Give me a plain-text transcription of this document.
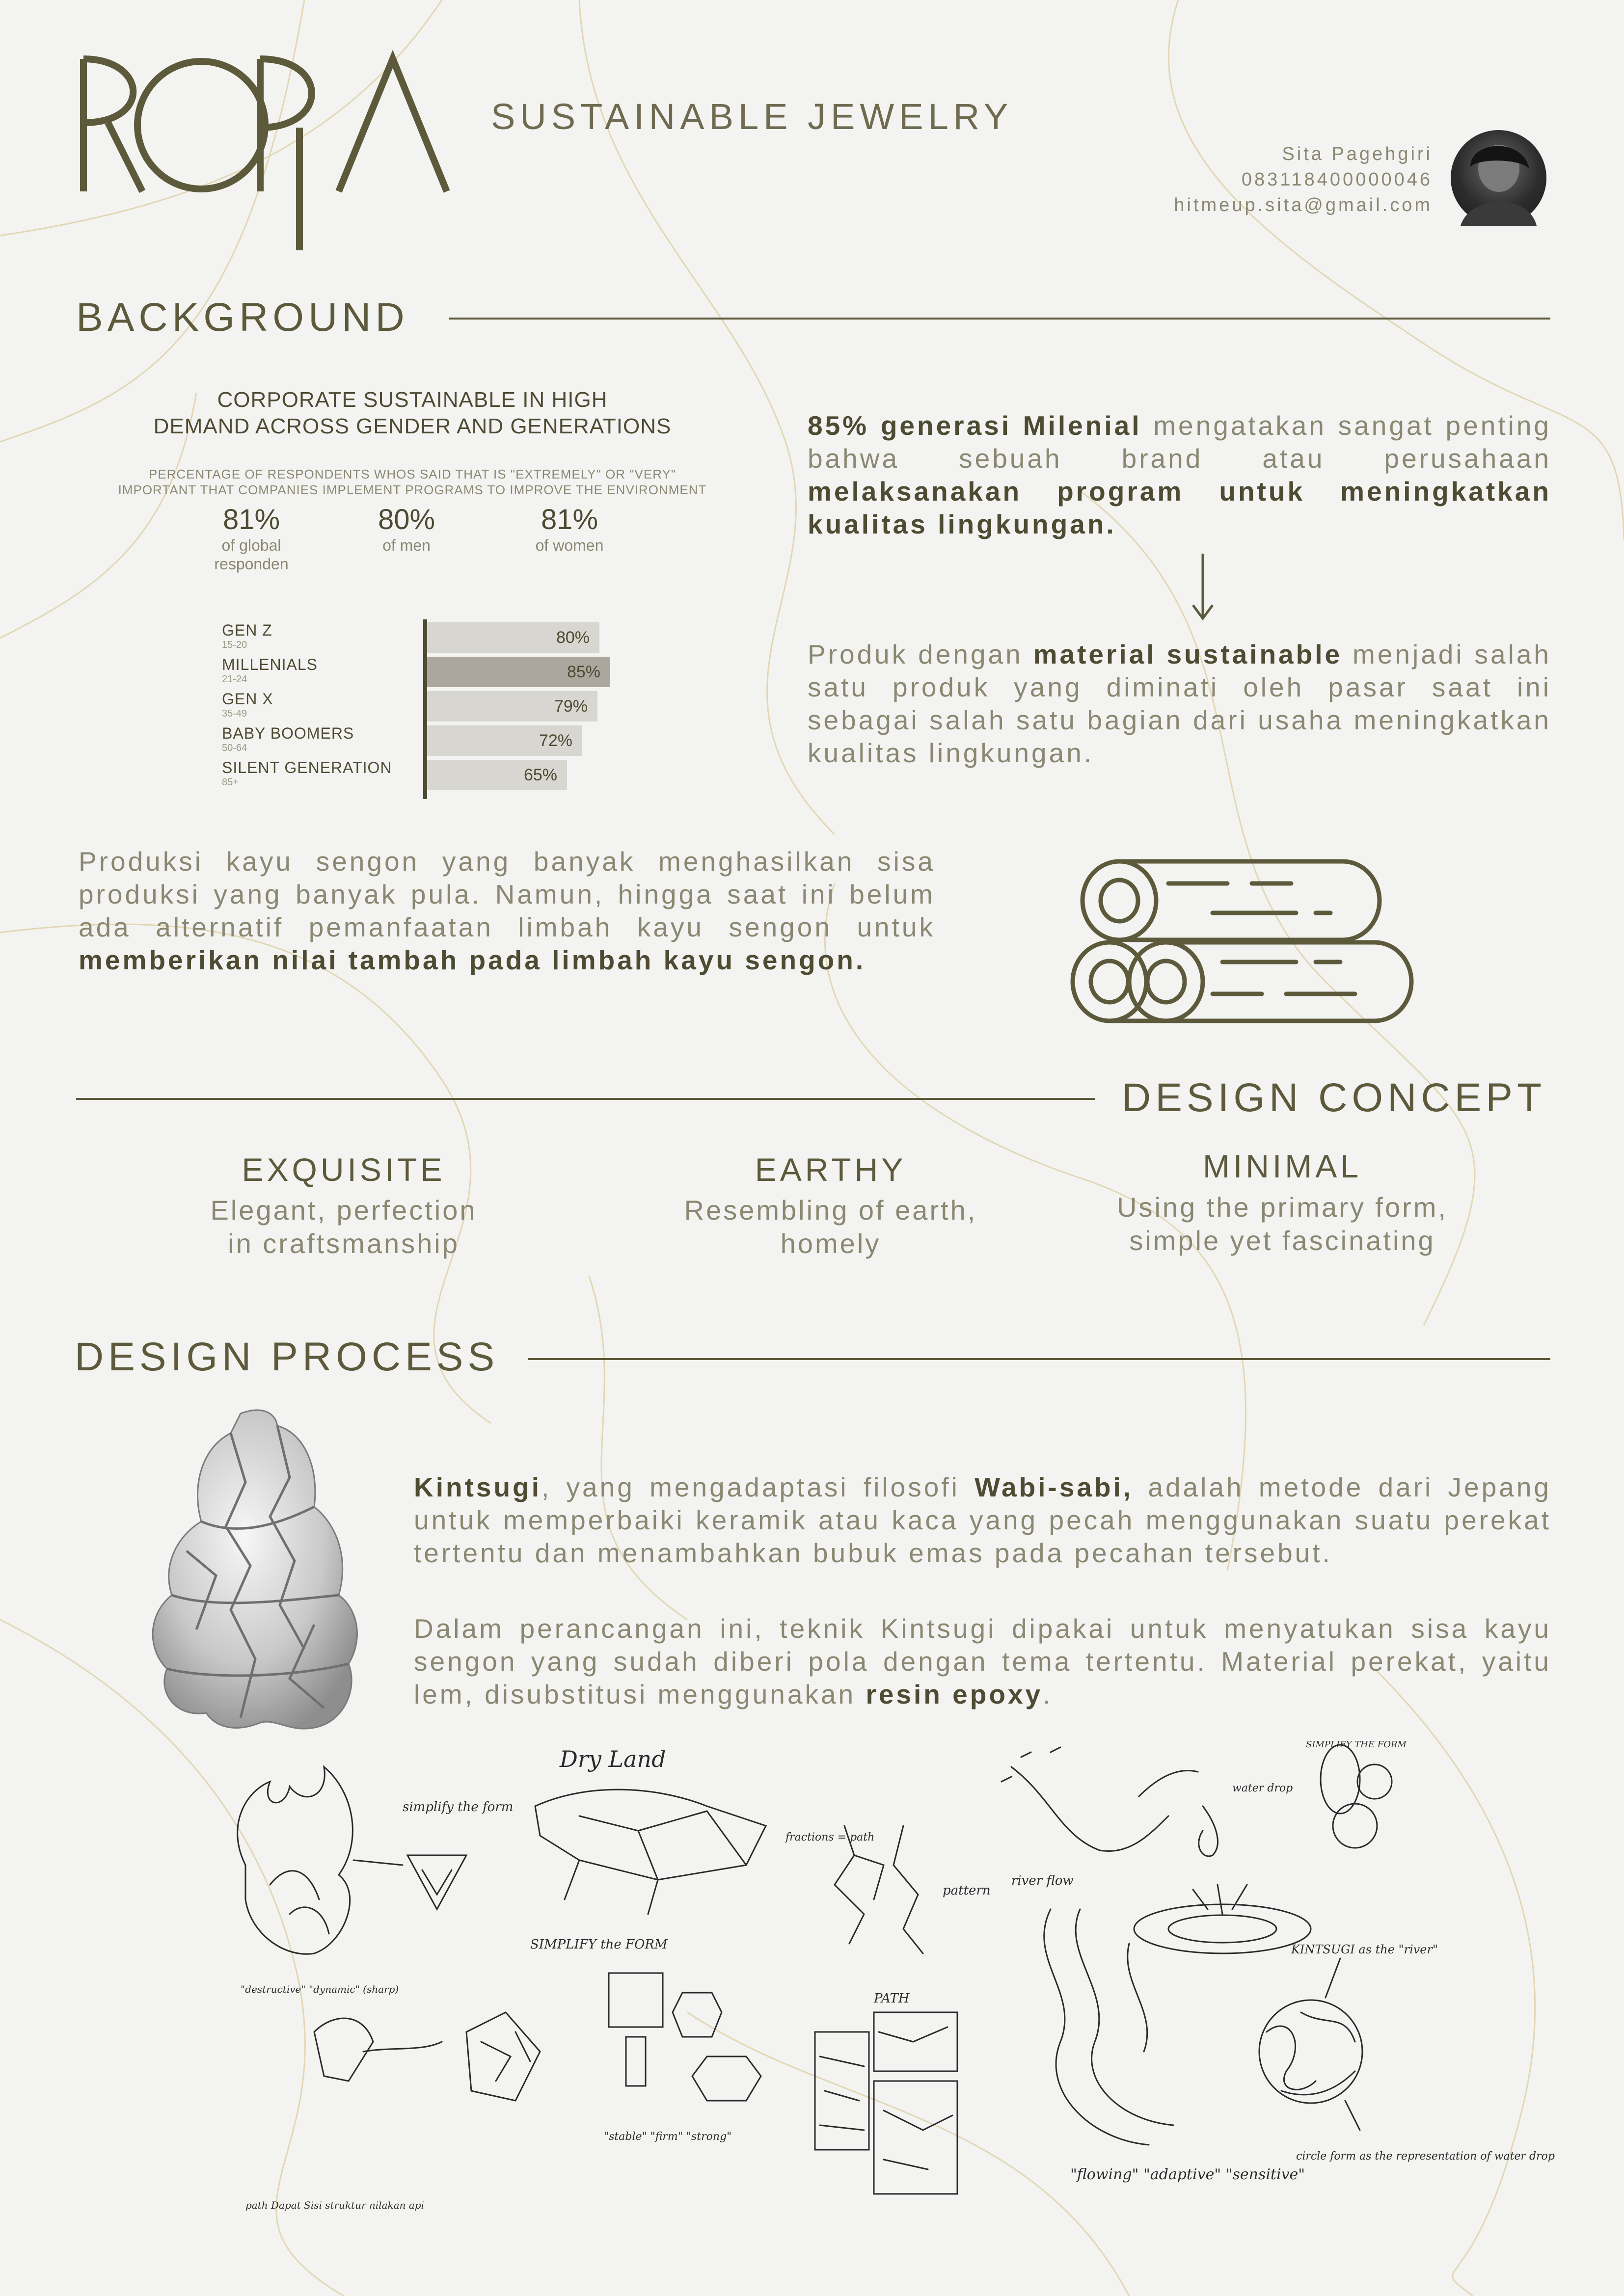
ROEPA
SUSTAINABLE JEWELRY
Sita Pagehgiri
083118400000046
hitmeup.sita@gmail.com
BACKGROUND
CORPORATE SUSTAINABLE IN HIGH
DEMAND ACROSS GENDER AND GENERATIONS
PERCENTAGE OF RESPONDENTS WHOS SAID THAT IS "EXTREMELY" OR "VERY"
IMPORTANT THAT COMPANIES IMPLEMENT PROGRAMS TO IMPROVE THE ENVIRONMENT
81%
of global
responden
80%
of men
81%
of women
GEN Z
15-20	80%
MILLENIALS
21-24	85%
GEN X
35-49	79%
BABY BOOMERS
50-64	72%
SILENT GENERATION
85+	65%
85% generasi Milenial mengatakan sangat penting bahwa sebuah brand atau perusahaan melaksanakan program untuk meningkatkan kualitas lingkungan.
Produk dengan material sustainable menjadi salah satu produk yang diminati oleh pasar saat ini sebagai salah satu bagian dari usaha meningkatkan kualitas lingkungan.
Produksi kayu sengon yang banyak menghasilkan sisa produksi yang banyak pula. Namun, hingga saat ini belum ada alternatif pemanfaatan limbah kayu sengon untuk memberikan nilai tambah pada limbah kayu sengon.
DESIGN CONCEPT
EXQUISITE
Elegant, perfection
in craftsmanship
EARTHY
Resembling of earth,
homely
MINIMAL
Using the primary form,
simple yet fascinating
DESIGN PROCESS
Kintsugi, yang mengadaptasi filosofi Wabi-sabi, adalah metode dari Jepang untuk memperbaiki keramik atau kaca yang pecah menggunakan suatu perekat tertentu dan menambahkan bubuk emas pada pecahan tersebut.
Dalam perancangan ini, teknik Kintsugi dipakai untuk menyatukan sisa kayu sengon yang sudah diberi pola dengan tema tertentu. Material perekat, yaitu lem, disubstitusi menggunakan resin epoxy.
Dry Land
simplify the form
SIMPLIFY the FORM
fractions = path
pattern
PATH
river flow
water drop
SIMPLIFY THE FORM
KINTSUGI as the "river"
circle form as the representation of water drop
"flowing" "adaptive" "sensitive"
"stable" "firm" "strong"
"destructive" "dynamic" (sharp)
path Dapat Sisi struktur nilakan api
